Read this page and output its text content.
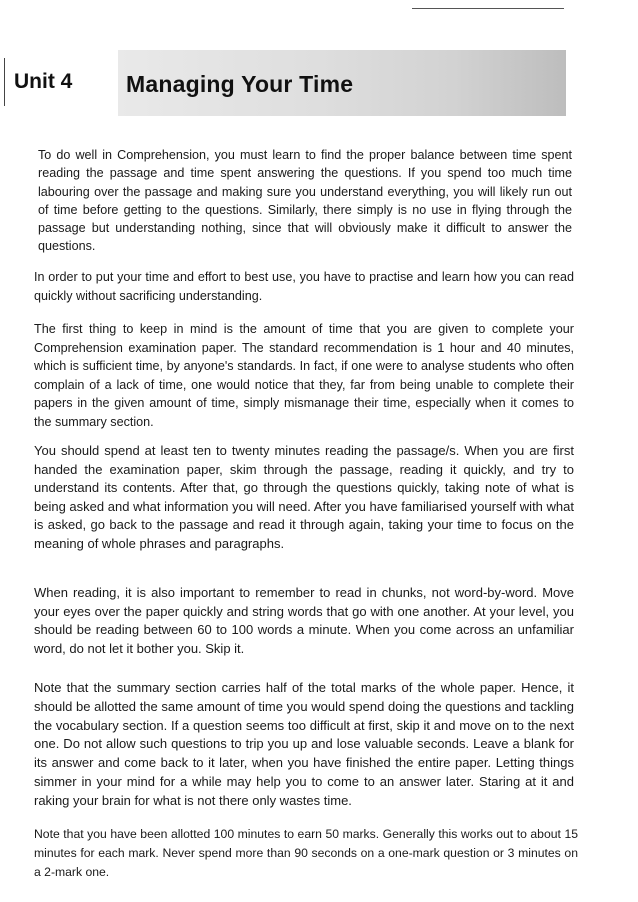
Unit 4 Managing Your Time

To do well in Comprehension, you must learn to find the proper balance between time spent reading the passage and time spent answering the questions. If you spend too much time labouring over the passage and making sure you understand everything, you will likely run out of time before getting to the questions. Similarly, there simply is no use in flying through the passage but understanding nothing, since that will obviously make it difficult to answer the questions.

In order to put your time and effort to best use, you have to practise and learn how you can read quickly without sacrificing understanding.

The first thing to keep in mind is the amount of time that you are given to complete your Comprehension examination paper. The standard recommendation is 1 hour and 40 minutes, which is sufficient time, by anyone's standards. In fact, if one were to analyse students who often complain of a lack of time, one would notice that they, far from being unable to complete their papers in the given amount of time, simply mismanage their time, especially when it comes to the summary section.

You should spend at least ten to twenty minutes reading the passage/s. When you are first handed the examination paper, skim through the passage, reading it quickly, and try to understand its contents. After that, go through the questions quickly, taking note of what is being asked and what information you will need. After you have familiarised yourself with what is asked, go back to the passage and read it through again, taking your time to focus on the meaning of whole phrases and paragraphs.

When reading, it is also important to remember to read in chunks, not word-by-word. Move your eyes over the paper quickly and string words that go with one another. At your level, you should be reading between 60 to 100 words a minute. When you come across an unfamiliar word, do not let it bother you. Skip it.

Note that the summary section carries half of the total marks of the whole paper. Hence, it should be allotted the same amount of time you would spend doing the questions and tackling the vocabulary section. If a question seems too difficult at first, skip it and move on to the next one. Do not allow such questions to trip you up and lose valuable seconds. Leave a blank for its answer and come back to it later, when you have finished the entire paper. Letting things simmer in your mind for a while may help you to come to an answer later. Staring at it and raking your brain for what is not there only wastes time.

Note that you have been allotted 100 minutes to earn 50 marks. Generally this works out to about 15 minutes for each mark. Never spend more than 90 seconds on a one-mark question or 3 minutes on a 2-mark one.
